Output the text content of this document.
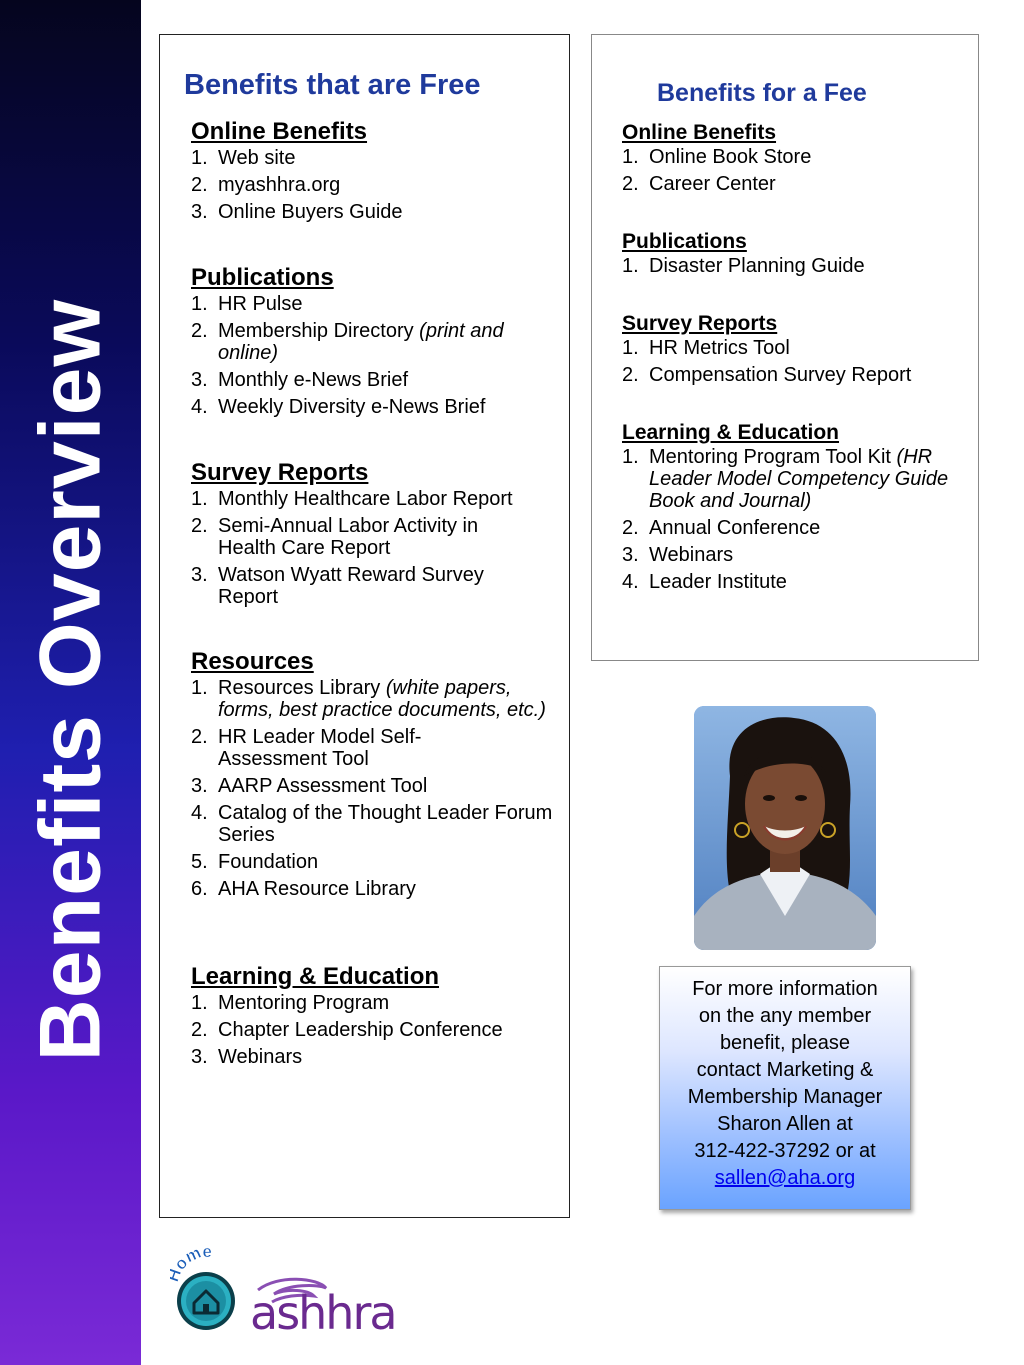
Benefits Overview
Benefits that are Free
Online Benefits
1. Web site
2. myashhra.org
3. Online Buyers Guide
Publications
1. HR Pulse
2. Membership Directory (print and online)
3. Monthly e-News Brief
4. Weekly Diversity e-News Brief
Survey Reports
1. Monthly Healthcare Labor Report
2. Semi-Annual Labor Activity in Health Care Report
3. Watson Wyatt Reward Survey Report
Resources
1. Resources Library (white papers, forms, best practice documents, etc.)
2. HR Leader Model Self-Assessment Tool
3. AARP Assessment Tool
4. Catalog of the Thought Leader Forum Series
5. Foundation
6. AHA Resource Library
Learning & Education
1. Mentoring Program
2. Chapter Leadership Conference
3. Webinars
Benefits for a Fee
Online Benefits
1. Online Book Store
2. Career Center
Publications
1. Disaster Planning Guide
Survey Reports
1. HR Metrics Tool
2. Compensation Survey Report
Learning & Education
1. Mentoring Program Tool Kit (HR Leader Model Competency Guide Book and Journal)
2. Annual Conference
3. Webinars
4. Leader Institute
For more information
on the any member
benefit, please
contact Marketing &
Membership Manager
Sharon Allen at
312-422-37292 or at
sallen@aha.org
ome
ashhra
